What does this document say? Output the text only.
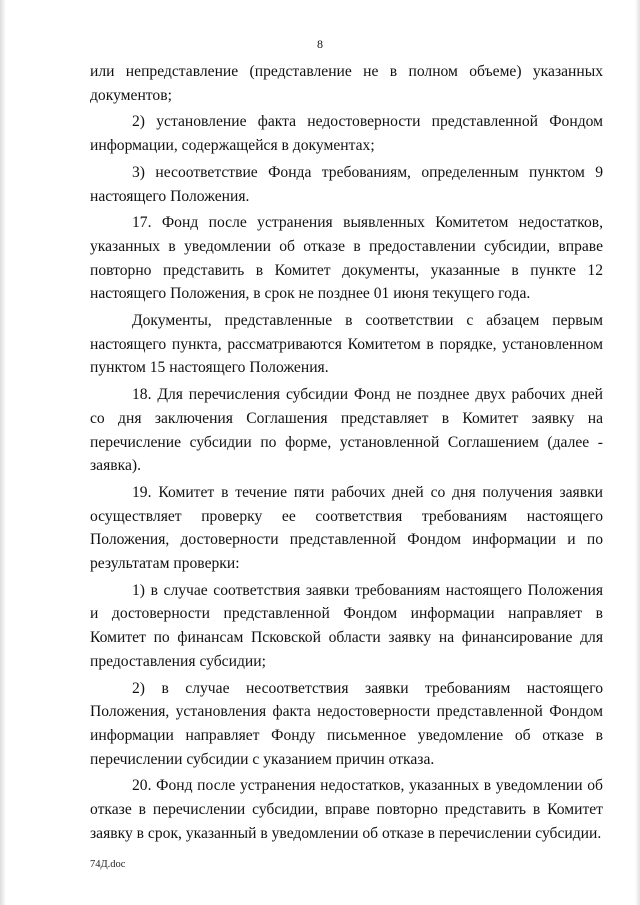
8

или непредставление (представление не в полном объеме) указанных документов;

2) установление факта недостоверности представленной Фондом информации, содержащейся в документах;

3) несоответствие Фонда требованиям, определенным пунктом 9 настоящего Положения.

17. Фонд после устранения выявленных Комитетом недостатков, указанных в уведомлении об отказе в предоставлении субсидии, вправе повторно представить в Комитет документы, указанные в пункте 12 настоящего Положения, в срок не позднее 01 июня текущего года.

Документы, представленные в соответствии с абзацем первым настоящего пункта, рассматриваются Комитетом в порядке, установленном пунктом 15 настоящего Положения.

18. Для перечисления субсидии Фонд не позднее двух рабочих дней со дня заключения Соглашения представляет в Комитет заявку на перечисление субсидии по форме, установленной Соглашением (далее - заявка).

19. Комитет в течение пяти рабочих дней со дня получения заявки осуществляет проверку ее соответствия требованиям настоящего Положения, достоверности представленной Фондом информации и по результатам проверки:

1) в случае соответствия заявки требованиям настоящего Положения и достоверности представленной Фондом информации направляет в Комитет по финансам Псковской области заявку на финансирование для предоставления субсидии;

2) в случае несоответствия заявки требованиям настоящего Положения, установления факта недостоверности представленной Фондом информации направляет Фонду письменное уведомление об отказе в перечислении субсидии с указанием причин отказа.

20. Фонд после устранения недостатков, указанных в уведомлении об отказе в перечислении субсидии, вправе повторно представить в Комитет заявку в срок, указанный в уведомлении об отказе в перечислении субсидии.

74Д.doc
